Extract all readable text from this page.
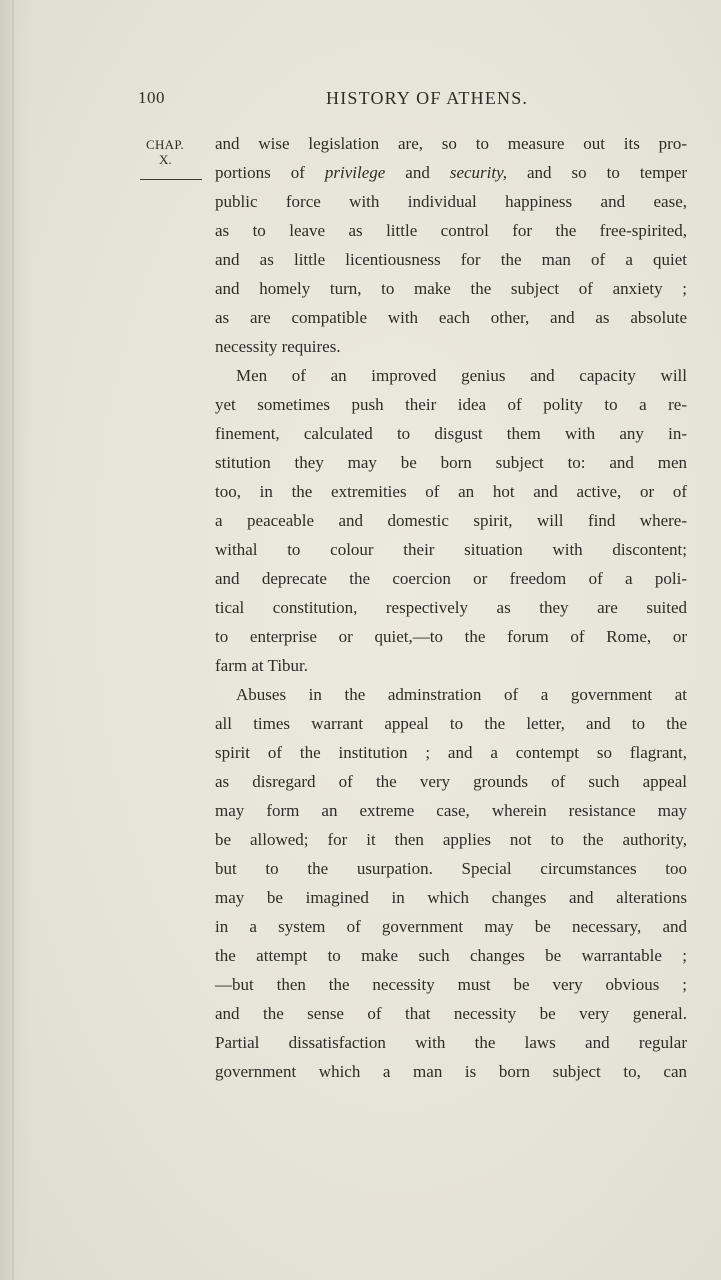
100	HISTORY OF ATHENS.
CHAP.
X.
and wise legislation are, so to measure out its pro-
portions of privilege and security, and so to temper
public force with individual happiness and ease,
as to leave as little control for the free-spirited,
and as little licentiousness for the man of a quiet
and homely turn, to make the subject of anxiety ;
as are compatible with each other, and as absolute
necessity requires.
Men of an improved genius and capacity will
yet sometimes push their idea of polity to a re-
finement, calculated to disgust them with any in-
stitution they may be born subject to: and men
too, in the extremities of an hot and active, or of
a peaceable and domestic spirit, will find where-
withal to colour their situation with discontent;
and deprecate the coercion or freedom of a poli-
tical constitution, respectively as they are suited
to enterprise or quiet,—to the forum of Rome, or
farm at Tibur.
Abuses in the adminstration of a government at
all times warrant appeal to the letter, and to the
spirit of the institution ; and a contempt so flagrant,
as disregard of the very grounds of such appeal
may form an extreme case, wherein resistance may
be allowed; for it then applies not to the authority,
but to the usurpation. Special circumstances too
may be imagined in which changes and alterations
in a system of government may be necessary, and
the attempt to make such changes be warrantable ;
—but then the necessity must be very obvious ;
and the sense of that necessity be very general.
Partial dissatisfaction with the laws and regular
government which a man is born subject to, can
